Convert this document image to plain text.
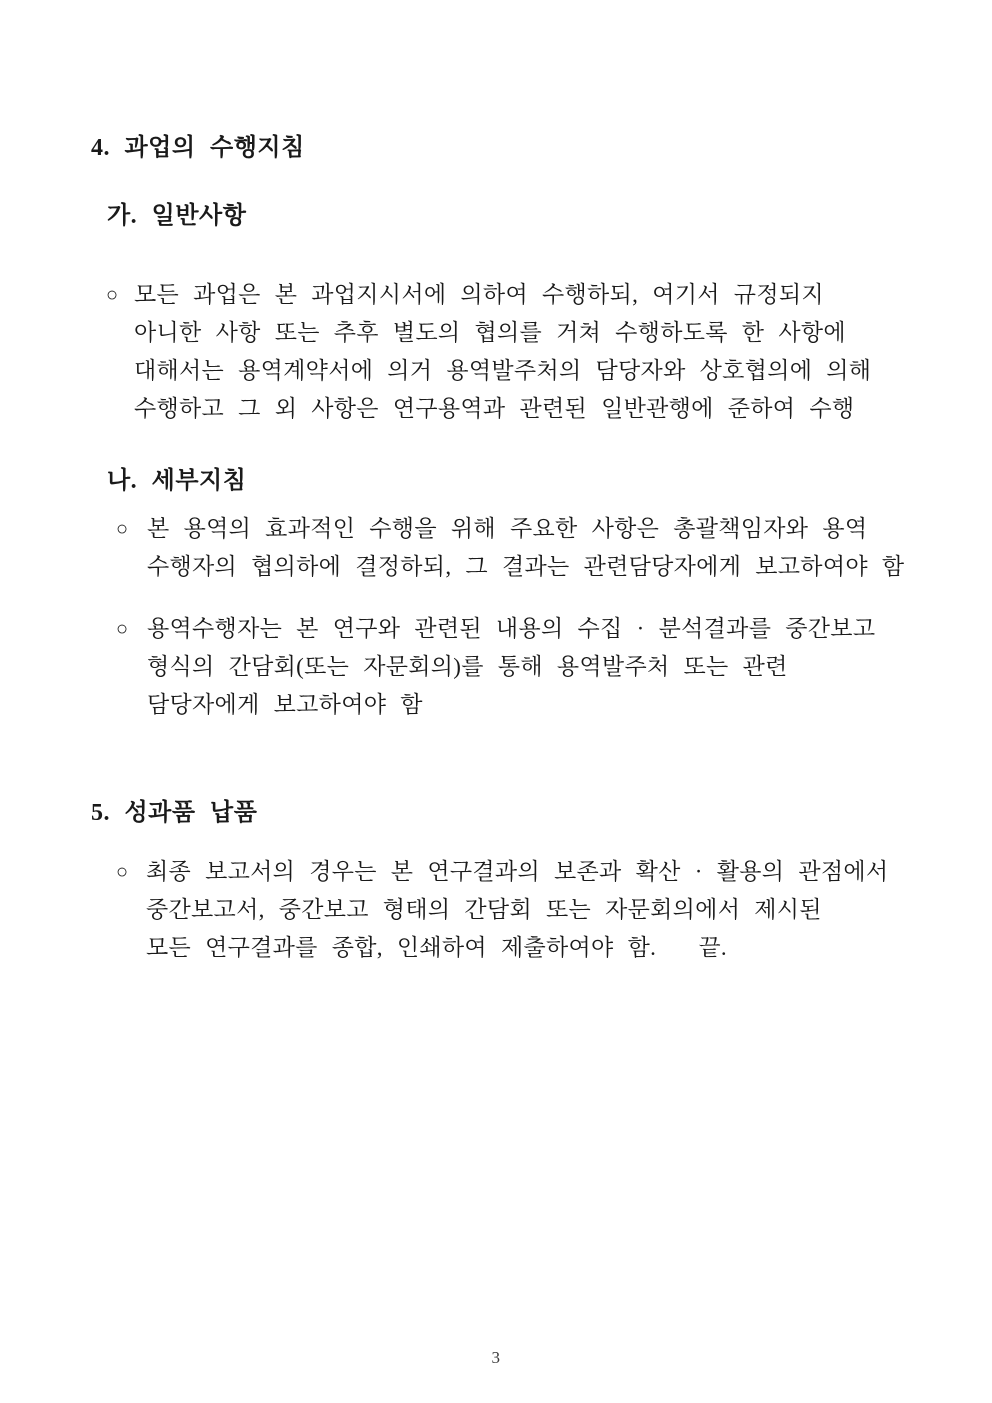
4. 과업의 수행지침
가. 일반사항
○ 모든 과업은 본 과업지시서에 의하여 수행하되, 여기서 규정되지
아니한 사항 또는 추후 별도의 협의를 거쳐 수행하도록 한 사항에
대해서는 용역계약서에 의거 용역발주처의 담당자와 상호협의에 의해
수행하고 그 외 사항은 연구용역과 관련된 일반관행에 준하여 수행
나. 세부지침
○ 본 용역의 효과적인 수행을 위해 주요한 사항은 총괄책임자와 용역
수행자의 협의하에 결정하되, 그 결과는 관련담당자에게 보고하여야 함
○ 용역수행자는 본 연구와 관련된 내용의 수집 · 분석결과를 중간보고
형식의 간담회(또는 자문회의)를 통해 용역발주처 또는 관련
담당자에게 보고하여야 함
5. 성과품 납품
○ 최종 보고서의 경우는 본 연구결과의 보존과 확산 · 활용의 관점에서
중간보고서, 중간보고 형태의 간담회 또는 자문회의에서 제시된
모든 연구결과를 종합, 인쇄하여 제출하여야 함.   끝.
3
